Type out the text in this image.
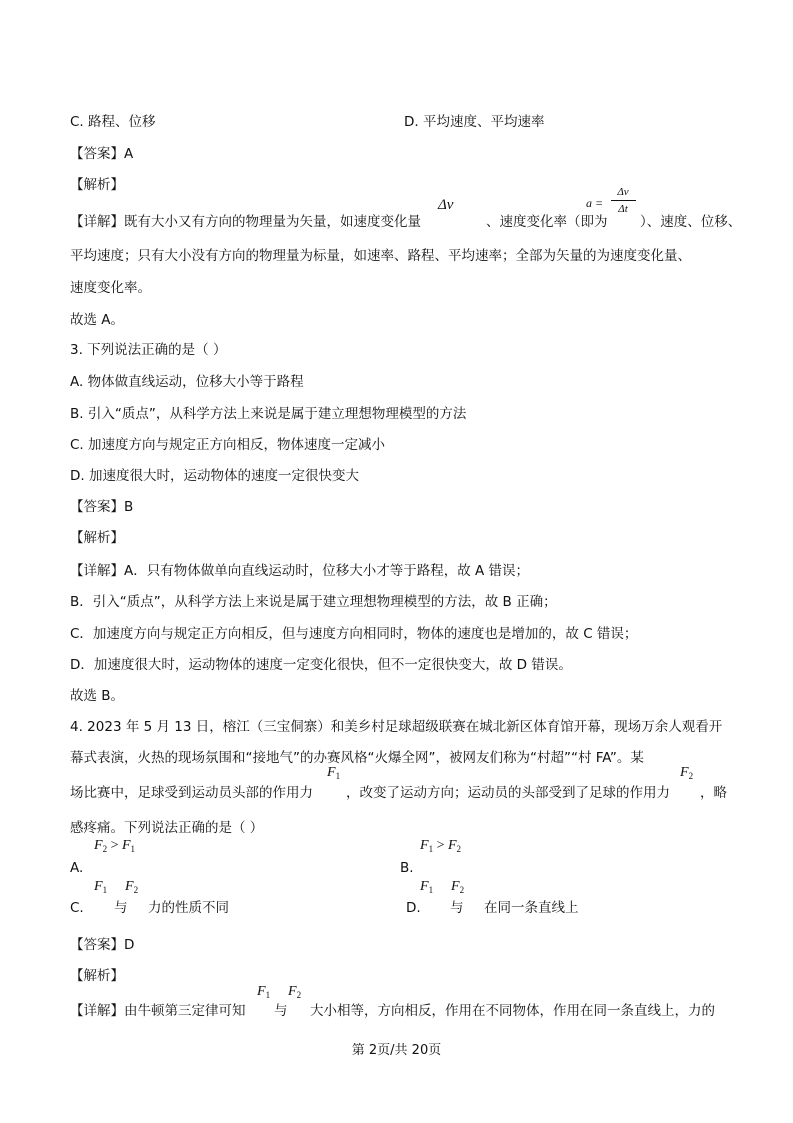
C. 路程、位移	D. 平均速度、平均速率
【答案】A
【解析】
【详解】既有大小又有方向的物理量为矢量，如速度变化量
Δv
、速度变化率（即为
a =
Δv
Δt
）、速度、位移、
平均速度；只有大小没有方向的物理量为标量，如速率、路程、平均速率；全部为矢量的为速度变化量、
速度变化率。
故选 A。
3. 下列说法正确的是（ ）
A. 物体做直线运动，位移大小等于路程
B. 引入“质点”，从科学方法上来说是属于建立理想物理模型的方法
C. 加速度方向与规定正方向相反，物体速度一定减小
D. 加速度很大时，运动物体的速度一定很快变大
【答案】B
【解析】
【详解】A．只有物体做单向直线运动时，位移大小才等于路程，故 A 错误；
B．引入“质点”，从科学方法上来说是属于建立理想物理模型的方法，故 B 正确；
C．加速度方向与规定正方向相反，但与速度方向相同时，物体的速度也是增加的，故 C 错误；
D．加速度很大时，运动物体的速度一定变化很快，但不一定很快变大，故 D 错误。
故选 B。
4. 2023 年 5 月 13 日，榕江（三宝侗寨）和美乡村足球超级联赛在城北新区体育馆开幕，现场万余人观看开
幕式表演，火热的现场氛围和“接地气”的办赛风格“火爆全网”，被网友们称为“村超”“村 FA”。某
场比赛中，足球受到运动员头部的作用力
$F_1$
，改变了运动方向；运动员的头部受到了足球的作用力
$F_2$
，略
感疼痛。下列说法正确的是（ ）
$F_2 > F_1$
A.
$F_1 > F_2$
B.
$F_1$ $F_2$
C. 与 力的性质不同
$F_1$ $F_2$
D. 与 在同一条直线上
【答案】D
【解析】
【详解】由牛顿第三定律可知
$F_1$
与
$F_2$
大小相等，方向相反，作用在不同物体，作用在同一条直线上，力的
第 2页/共 20页
